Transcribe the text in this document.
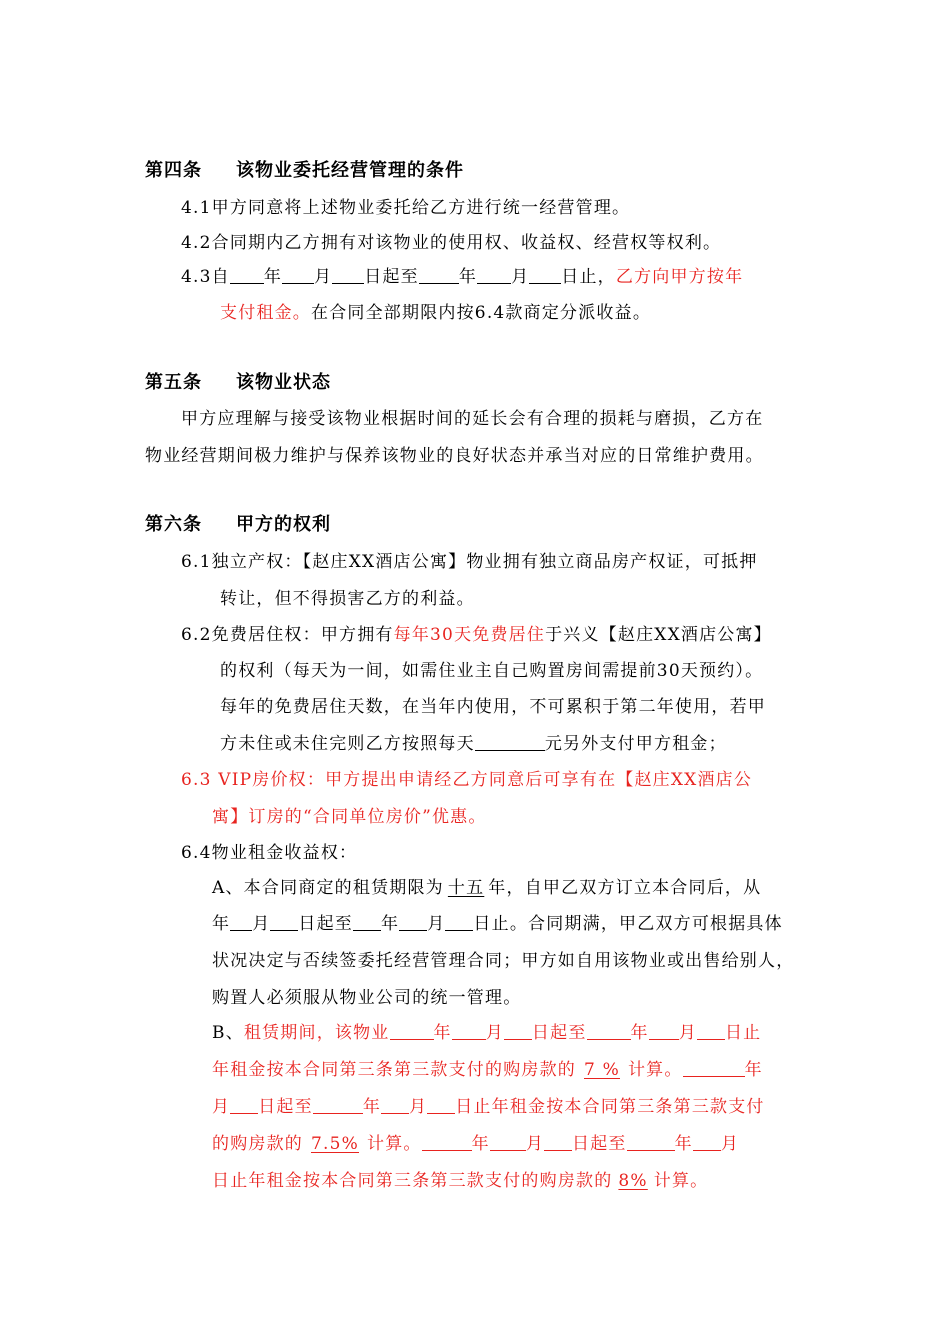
第四条 该物业委托经营管理的条件
4.1甲方同意将上述物业委托给乙方进行统一经营管理。
4.2合同期内乙方拥有对该物业的使用权、收益权、经营权等权利。
4.3自 年 月 日起至 年 月 日止，乙方向甲方按年
支付租金。在合同全部期限内按6.4款商定分派收益。
第五条 该物业状态
甲方应理解与接受该物业根据时间的延长会有合理的损耗与磨损，乙方在
物业经营期间极力维护与保养该物业的良好状态并承当对应的日常维护费用。
第六条 甲方的权利
6.1独立产权：【赵庄XX酒店公寓】物业拥有独立商品房产权证，可抵押
转让，但不得损害乙方的利益。
6.2免费居住权：甲方拥有每年30天免费居住于兴义【赵庄XX酒店公寓】
的权利（每天为一间，如需住业主自己购置房间需提前30天预约）。
每年的免费居住天数，在当年内使用，不可累积于第二年使用，若甲
方未住或未住完则乙方按照每天	元另外支付甲方租金；
6.3 VIP房价权：甲方提出申请经乙方同意后可享有在【赵庄XX酒店公
寓】订房的“合同单位房价”优惠。
6.4物业租金收益权：
A、本合同商定的租赁期限为 十五 年，自甲乙双方订立本合同后，从
年 月 日起至 年 月 日止。合同期满，甲乙双方可根据具体
状况决定与否续签委托经营管理合同；甲方如自用该物业或出售给别人，
购置人必须服从物业公司的统一管理。
B、租赁期间，该物业	年 月 日起至	年 月 日止
年租金按本合同第三条第三款支付的购房款的 7 % 计算。	年
月 日起至	年 月 日止年租金按本合同第三条第三款支付
的购房款的 7.5% 计算。	年 月 日起至	年 月
日止年租金按本合同第三条第三款支付的购房款的 8% 计算。
